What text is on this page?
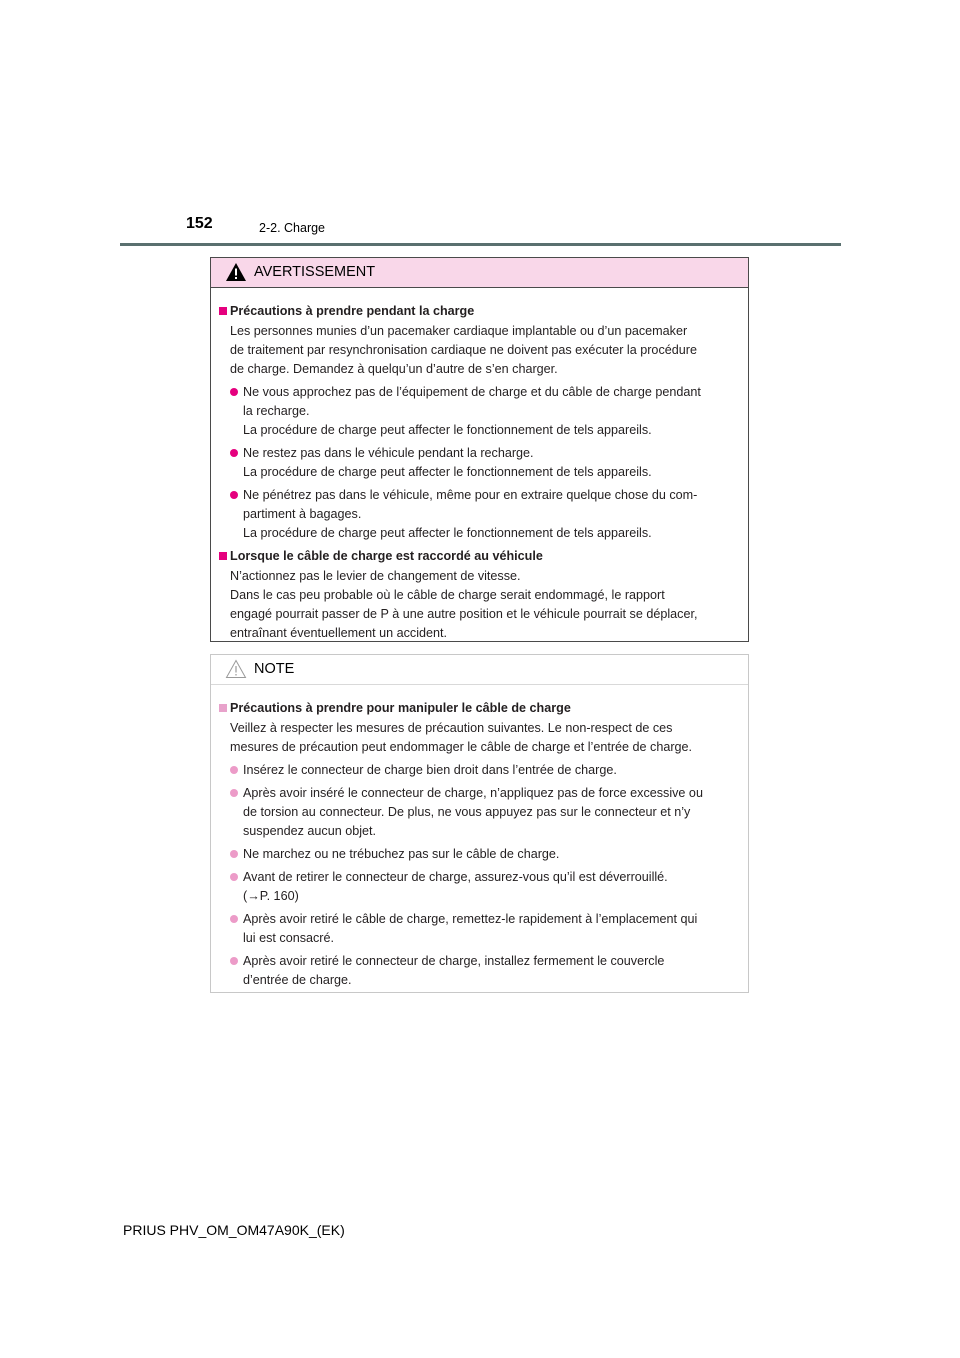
152	2-2. Charge
AVERTISSEMENT
Précautions à prendre pendant la charge
Les personnes munies d’un pacemaker cardiaque implantable ou d’un pacemaker
de traitement par resynchronisation cardiaque ne doivent pas exécuter la procédure
de charge. Demandez à quelqu’un d’autre de s’en charger.
Ne vous approchez pas de l’équipement de charge et du câble de charge pendant
la recharge.
La procédure de charge peut affecter le fonctionnement de tels appareils.
Ne restez pas dans le véhicule pendant la recharge.
La procédure de charge peut affecter le fonctionnement de tels appareils.
Ne pénétrez pas dans le véhicule, même pour en extraire quelque chose du com-
partiment à bagages.
La procédure de charge peut affecter le fonctionnement de tels appareils.
Lorsque le câble de charge est raccordé au véhicule
N’actionnez pas le levier de changement de vitesse.
Dans le cas peu probable où le câble de charge serait endommagé, le rapport
engagé pourrait passer de P à une autre position et le véhicule pourrait se déplacer,
entraînant éventuellement un accident.
NOTE
Précautions à prendre pour manipuler le câble de charge
Veillez à respecter les mesures de précaution suivantes. Le non-respect de ces
mesures de précaution peut endommager le câble de charge et l’entrée de charge.
Insérez le connecteur de charge bien droit dans l’entrée de charge.
Après avoir inséré le connecteur de charge, n’appliquez pas de force excessive ou
de torsion au connecteur. De plus, ne vous appuyez pas sur le connecteur et n’y
suspendez aucun objet.
Ne marchez ou ne trébuchez pas sur le câble de charge.
Avant de retirer le connecteur de charge, assurez-vous qu’il est déverrouillé.
(→P. 160)
Après avoir retiré le câble de charge, remettez-le rapidement à l’emplacement qui
lui est consacré.
Après avoir retiré le connecteur de charge, installez fermement le couvercle
d’entrée de charge.
PRIUS PHV_OM_OM47A90K_(EK)
